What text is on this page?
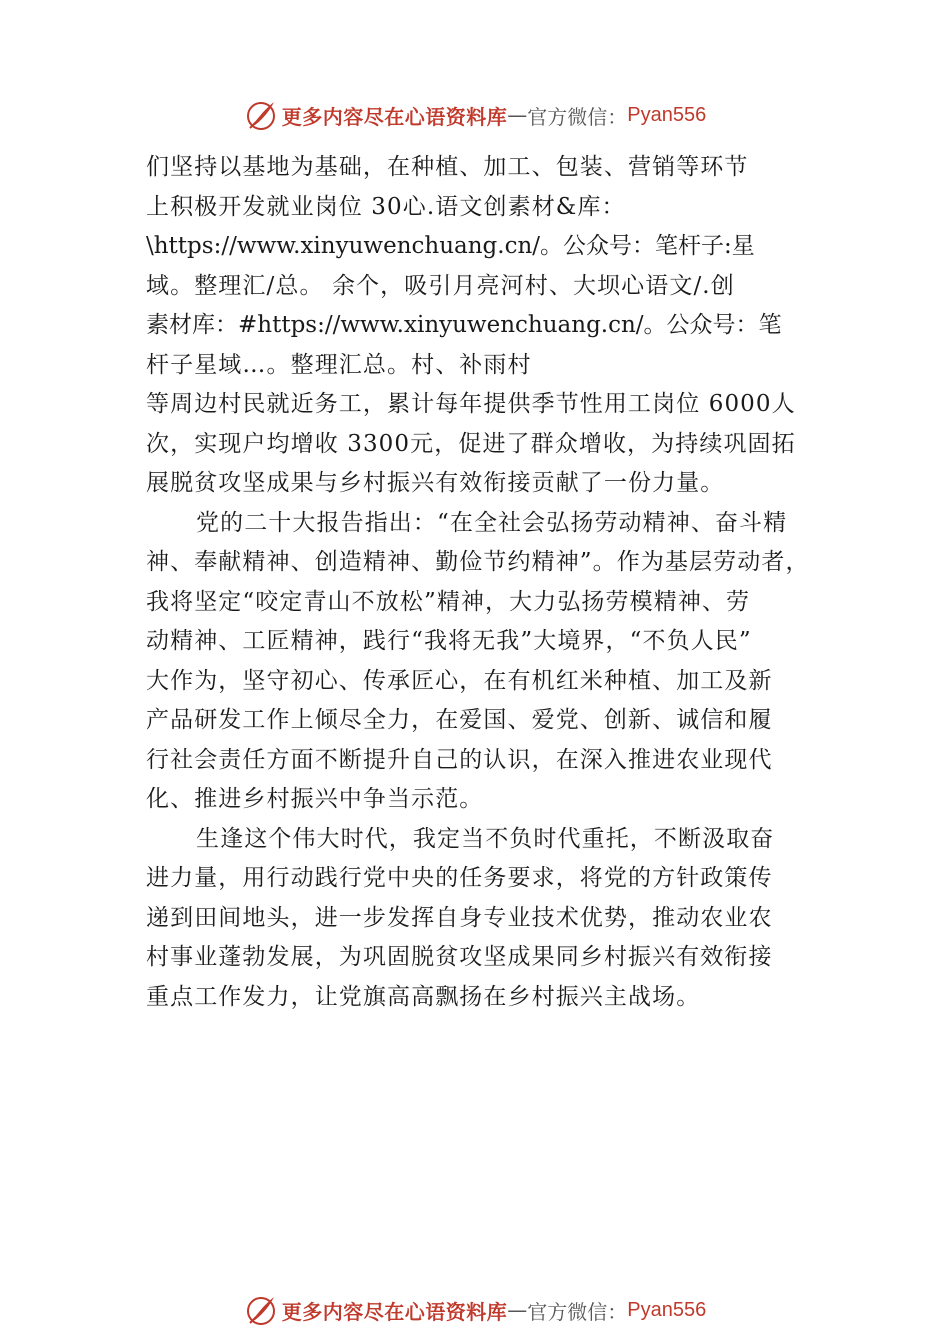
更多内容尽在心语资料库 — 官方微信： Pyan556
们坚持以基地为基础，在种植、加工、包装、营销等环节
上积极开发就业岗位 30心.语文创素材&库：
\https://www.xinyuwenchuang.cn/。公众号：笔杆子:星
域。整理汇/总。 余个，吸引月亮河村、大坝心语文/.创
素材库：#https://www.xinyuwenchuang.cn/。公众号：笔
杆子星域…。整理汇总。村、补雨村
等周边村民就近务工，累计每年提供季节性用工岗位 6000人
次，实现户均增收 3300元，促进了群众增收，为持续巩固拓
展脱贫攻坚成果与乡村振兴有效衔接贡献了一份力量。
党的二十大报告指出：“在全社会弘扬劳动精神、奋斗精
神、奉献精神、创造精神、勤俭节约精神”。作为基层劳动者，
我将坚定“咬定青山不放松”精神，大力弘扬劳模精神、劳
动精神、工匠精神，践行“我将无我”大境界，“不负人民”
大作为，坚守初心、传承匠心，在有机红米种植、加工及新
产品研发工作上倾尽全力，在爱国、爱党、创新、诚信和履
行社会责任方面不断提升自己的认识，在深入推进农业现代
化、推进乡村振兴中争当示范。
生逢这个伟大时代，我定当不负时代重托，不断汲取奋
进力量，用行动践行党中央的任务要求，将党的方针政策传
递到田间地头，进一步发挥自身专业技术优势，推动农业农
村事业蓬勃发展，为巩固脱贫攻坚成果同乡村振兴有效衔接
重点工作发力，让党旗高高飘扬在乡村振兴主战场。
更多内容尽在心语资料库 — 官方微信： Pyan556
